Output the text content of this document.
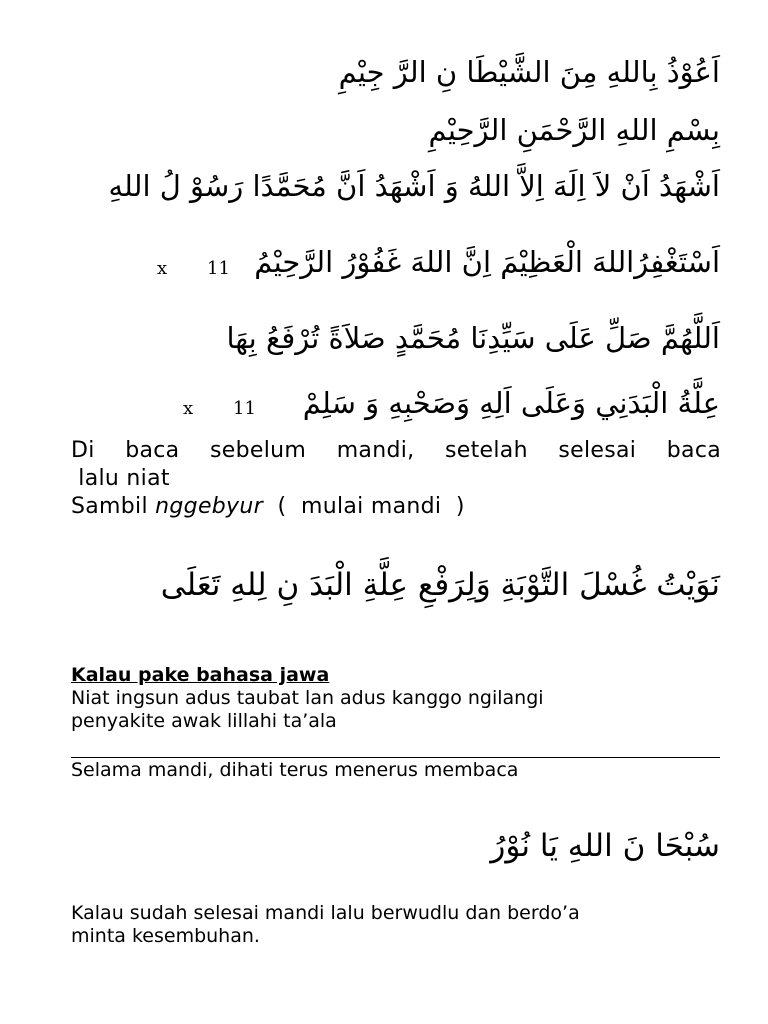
اَعُوْذُ بِاللهِ مِنَ الشَّيْطَا نِ الرَّ جِيْمِ
بِسْمِ اللهِ الرَّحْمَنِ الرَّحِيْمِ
اَشْهَدُ اَنْ لاَ اِلَهَ اِلاَّ اللهُ وَ اَشْهَدُ اَنَّ مُحَمَّدًا رَسُوْ لُ اللهِ
x 11 اَسْتَغْفِرُاللهَ الْعَظِيْمَ اِنَّ اللهَ غَفُوْرُ الرَّحِيْمُ
اَللَّهُمَّ صَلِّ عَلَى سَيِّدِنَا مُحَمَّدٍ صَلاَةً تُرْفَعُ بِهَا
x 11 عِلَّةُ الْبَدَنِي وَعَلَى اَلِهِ وَصَحْبِهِ وَ سَلِمْ
Di baca sebelum mandi, setelah selesai baca
lalu niat
Sambil nggebyur  (  mulai mandi  )
نَوَيْتُ غُسْلَ التَّوْبَةِ وَلِرَفْعِ عِلَّةِ الْبَدَ نِ لِلهِ تَعَلَى
Kalau pake bahasa jawa
Niat ingsun adus taubat lan adus kanggo ngilangi
penyakite awak lillahi ta’ala
Selama mandi, dihati terus menerus membaca
سُبْحَا نَ اللهِ يَا نُوْرُ
Kalau sudah selesai mandi lalu berwudlu dan berdo’a
minta kesembuhan.
